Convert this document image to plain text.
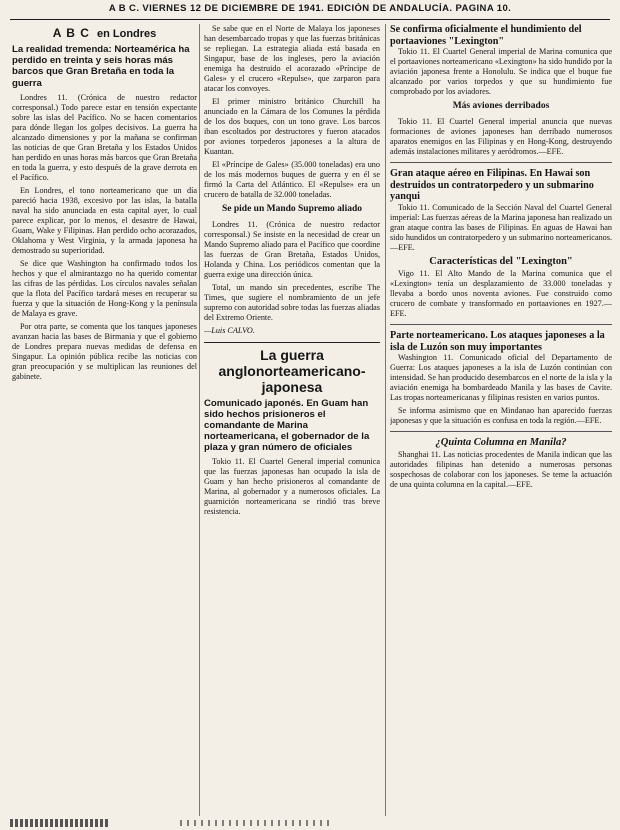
A B C. VIERNES 12 DE DICIEMBRE DE 1941. EDICIÓN DE ANDALUCÍA. PAGINA 10.
A B C en Londres
La realidad tremenda: Norteamérica ha perdido en treinta y seis horas más barcos que Gran Bretaña en toda la guerra

Londres 11. (Crónica de nuestro redactor corresponsal.) Todo parece estar en tensión expectante sobre las islas del Pacífico. No se hacen comentarios para dónde llegan los golpes decisivos. La guerra ha alcanzado dimensiones y por la mañana se confirman las noticias de que Gran Bretaña y los Estados Unidos han perdido en unas horas más barcos que Gran Bretaña en toda la guerra, y esto después de la grave derrota en el Pacífico.

En Londres, el tono norteamericano que un día pareció hacia 1938, excesivo por las islas, la batalla naval ha sido anunciada en esta capital ayer, lo cual parece explicar, por lo menos, el desastre de Hawai, Guam, Wake y Filipinas. Han perdido ocho acorazados, Oklahoma y West Virginia, y la armada japonesa ha demostrado su superioridad.

Se dice que Washington ha confirmado todos los hechos y que el almirantazgo no ha querido comentar las cifras de las pérdidas. Los círculos navales señalan que la flota del Pacífico tardará meses en recuperar su fuerza y que la situación de Hong-Kong y la península de Malaya es grave.

Por otra parte, se comenta que los tanques japoneses avanzan hacia las bases de Birmania y que el gobierno de Londres prepara nuevas medidas de defensa en Singapur. La opinión pública recibe las noticias con gran preocupación y se multiplican las reuniones del gabinete.

Se sabe que en el Norte de Malaya los japoneses han desembarcado tropas y que las fuerzas británicas se repliegan. La estrategia aliada está basada en Singapur, base de los ingleses, pero la aviación enemiga ha destruido el acorazado «Príncipe de Gales» y el crucero «Repulse», que zarparon para atacar los convoyes.

El primer ministro británico Churchill ha anunciado en la Cámara de los Comunes la pérdida de los dos buques, con un tono grave. Los barcos iban escoltados por destructores y fueron atacados por aviones torpederos japoneses a la altura de Kuantan.

El «Príncipe de Gales» (35.000 toneladas) era uno de los más modernos buques de guerra y en él se firmó la Carta del Atlántico. El «Repulse» era un crucero de batalla de 32.000 toneladas.

Se pide un Mando Supremo aliado

Londres 11. (Crónica de nuestro redactor corresponsal.) Se insiste en la necesidad de crear un Mando Supremo aliado para el Pacífico que coordine las fuerzas de Gran Bretaña, Estados Unidos, Holanda y China. Los periódicos comentan que la guerra exige una dirección única.

Total, un mando sin precedentes, escribe The Times, que sugiere el nombramiento de un jefe supremo con autoridad sobre todas las fuerzas aliadas del Extremo Oriente.

—Luis CALVO.

La guerra anglonorteamericano-japonesa
Comunicado japonés. En Guam han sido hechos prisioneros el comandante de Marina norteamericana, el gobernador de la plaza y gran número de oficiales

Tokio 11. El Cuartel General imperial comunica que las fuerzas japonesas han ocupado la isla de Guam y han hecho prisioneros al comandante de Marina, al gobernador y a numerosos oficiales. La guarnición norteamericana se rindió tras breve resistencia.

Se confirma oficialmente el hundimiento del portaaviones "Lexington"

Tokio 11. El Cuartel General imperial de Marina comunica que el portaaviones norteamericano «Lexington» ha sido hundido por la aviación japonesa frente a Honolulu. Se indica que el buque fue alcanzado por varios torpedos y que su hundimiento fue comprobado por los aviadores.

Más aviones derribados

Tokio 11. El Cuartel General imperial anuncia que nuevas formaciones de aviones japoneses han derribado numerosos aparatos enemigos en las Filipinas y en Hong-Kong, destruyendo además instalaciones militares y aeródromos.—EFE.

Gran ataque aéreo en Filipinas. En Hawai son destruidos un contratorpedero y un submarino yanqui

Tokio 11. Comunicado de la Sección Naval del Cuartel General imperial: Las fuerzas aéreas de la Marina japonesa han realizado un gran ataque contra las bases de Filipinas. En aguas de Hawai han sido hundidos un contratorpedero y un submarino norteamericanos.—EFE.

Características del "Lexington"

Vigo 11. El Alto Mando de la Marina comunica que el «Lexington» tenía un desplazamiento de 33.000 toneladas y llevaba a bordo unos noventa aviones. Fue construido como crucero de combate y transformado en portaaviones en 1927.—EFE.

Parte norteamericano. Los ataques japoneses a la isla de Luzón son muy importantes

Washington 11. Comunicado oficial del Departamento de Guerra: Los ataques japoneses a la isla de Luzón continúan con intensidad. Se han producido desembarcos en el norte de la isla y la aviación enemiga ha bombardeado Manila y las bases de Cavite. Las tropas norteamericanas y filipinas resisten en varios puntos.

Se informa asimismo que en Mindanao han aparecido fuerzas japonesas y que la situación es confusa en toda la región.—EFE.

¿Quinta Columna en Manila?

Shanghai 11. Las noticias procedentes de Manila indican que las autoridades filipinas han detenido a numerosas personas sospechosas de colaborar con los japoneses. Se teme la actuación de una quinta columna en la capital.—EFE.
